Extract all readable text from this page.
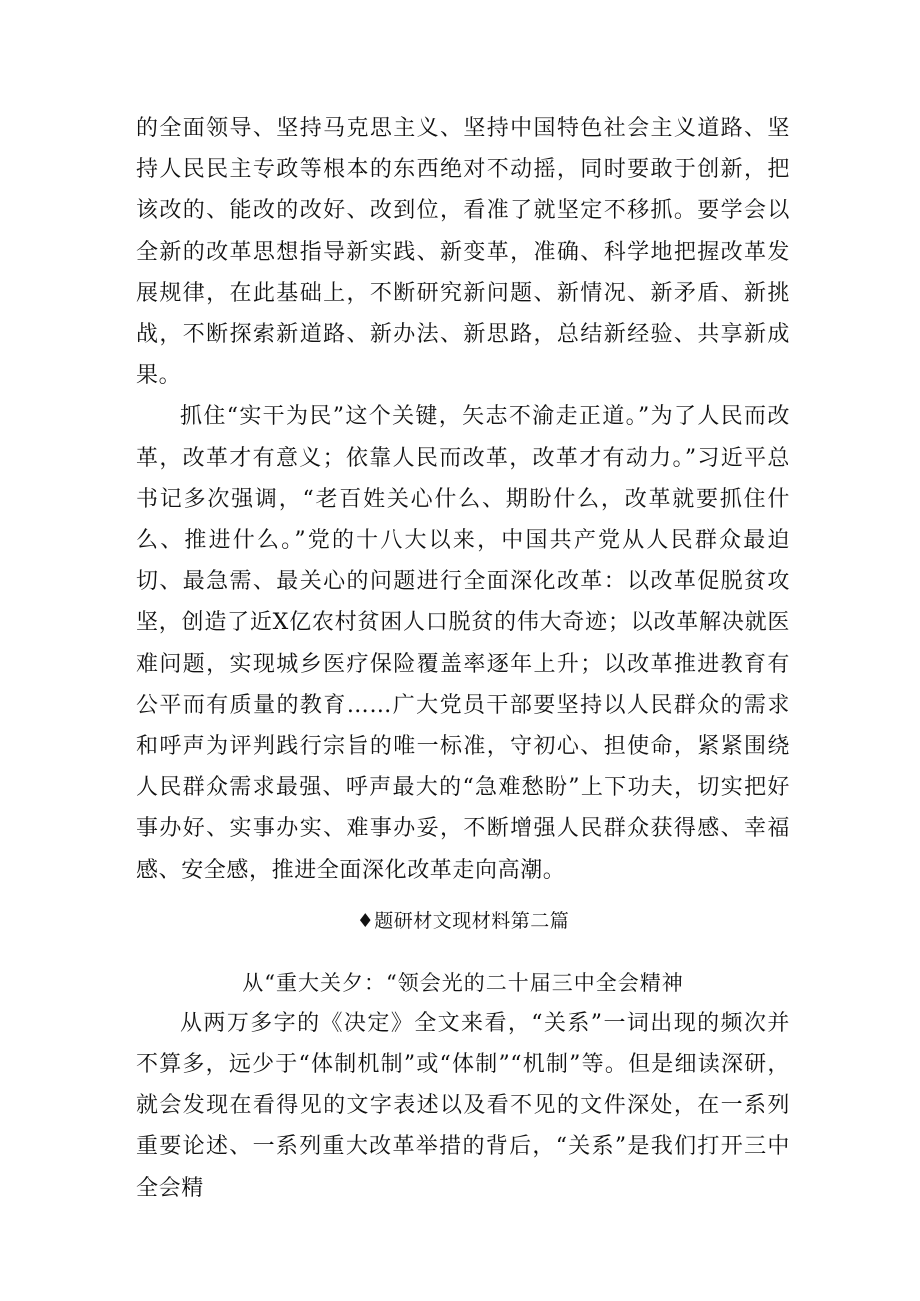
的全面领导、坚持马克思主义、坚持中国特色社会主义道路、坚持人民民主专政等根本的东西绝对不动摇，同时要敢于创新，把该改的、能改的改好、改到位，看准了就坚定不移抓。要学会以全新的改革思想指导新实践、新变革，准确、科学地把握改革发展规律，在此基础上，不断研究新问题、新情况、新矛盾、新挑战，不断探索新道路、新办法、新思路，总结新经验、共享新成果。

抓住“实干为民”这个关键，矢志不渝走正道。”为了人民而改革，改革才有意义；依靠人民而改革，改革才有动力。”习近平总书记多次强调，“老百姓关心什么、期盼什么，改革就要抓住什么、推进什么。”党的十八大以来，中国共产党从人民群众最迫切、最急需、最关心的问题进行全面深化改革：以改革促脱贫攻坚，创造了近X亿农村贫困人口脱贫的伟大奇迹；以改革解决就医难问题，实现城乡医疗保险覆盖率逐年上升；以改革推进教育有公平而有质量的教育……广大党员干部要坚持以人民群众的需求和呼声为评判践行宗旨的唯一标准，守初心、担使命，紧紧围绕人民群众需求最强、呼声最大的“急难愁盼”上下功夫，切实把好事办好、实事办实、难事办妥，不断增强人民群众获得感、幸福感、安全感，推进全面深化改革走向高潮。

♦题研材文现材料第二篇

从“重大关夕：“领会光的二十届三中全会精神

从两万多字的《决定》全文来看，“关系”一词出现的频次并不算多，远少于“体制机制”或“体制”“机制”等。但是细读深研，就会发现在看得见的文字表述以及看不见的文件深处，在一系列重要论述、一系列重大改革举措的背后，“关系”是我们打开三中全会精
